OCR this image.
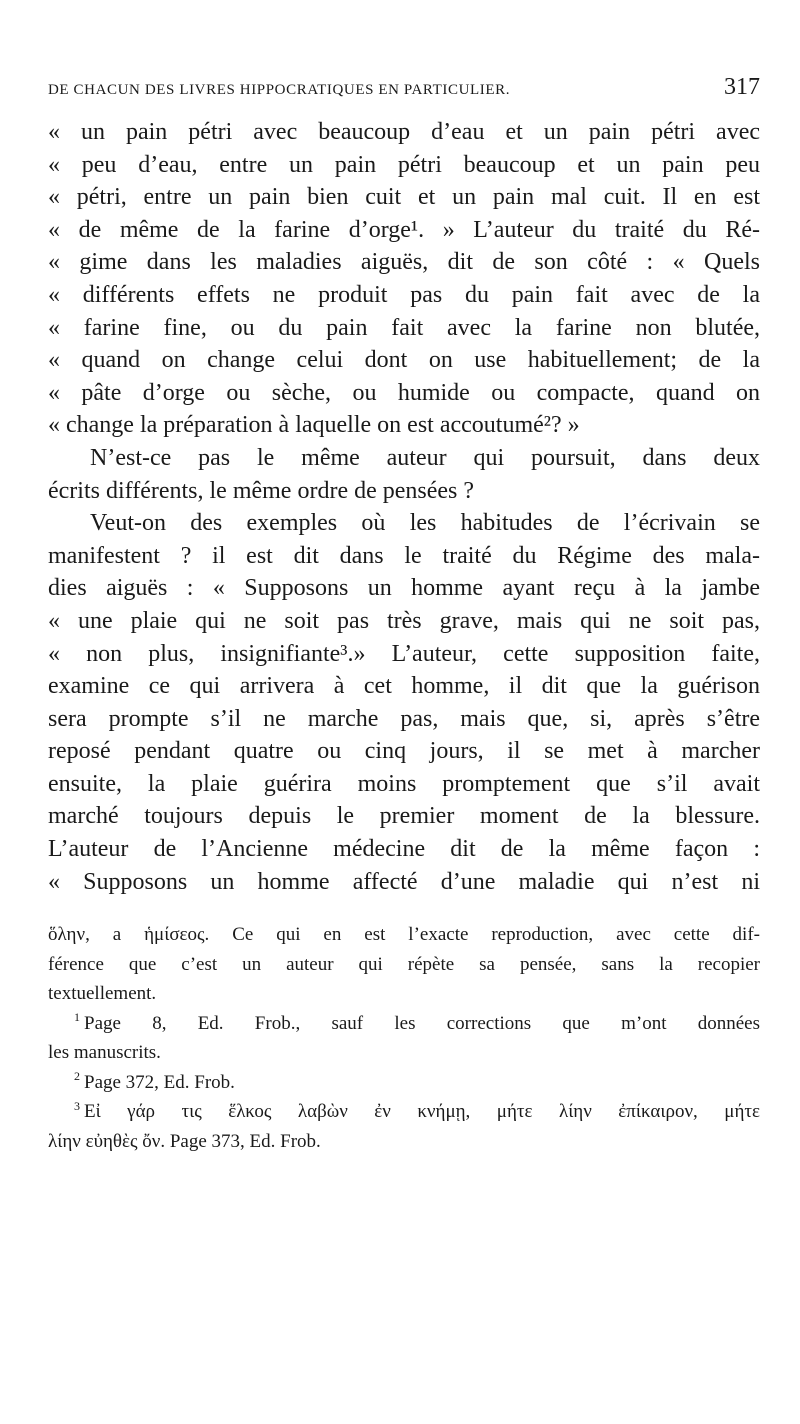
DE CHACUN DES LIVRES HIPPOCRATIQUES EN PARTICULIER.	317
« un pain pétri avec beaucoup d’eau et un pain pétri avec
« peu d’eau, entre un pain pétri beaucoup et un pain peu
« pétri, entre un pain bien cuit et un pain mal cuit. Il en est
« de même de la farine d’orge¹. » L’auteur du traité du Ré-
« gime dans les maladies aiguës, dit de son côté : « Quels
« différents effets ne produit pas du pain fait avec de la
« farine fine, ou du pain fait avec la farine non blutée,
« quand on change celui dont on use habituellement; de la
« pâte d’orge ou sèche, ou humide ou compacte, quand on
« change la préparation à laquelle on est accoutumé²? »
N’est-ce pas le même auteur qui poursuit, dans deux
écrits différents, le même ordre de pensées ?
Veut-on des exemples où les habitudes de l’écrivain se
manifestent ? il est dit dans le traité du Régime des mala-
dies aiguës : « Supposons un homme ayant reçu à la jambe
« une plaie qui ne soit pas très grave, mais qui ne soit pas,
« non plus, insignifiante³.» L’auteur, cette supposition faite,
examine ce qui arrivera à cet homme, il dit que la guérison
sera prompte s’il ne marche pas, mais que, si, après s’être
reposé pendant quatre ou cinq jours, il se met à marcher
ensuite, la plaie guérira moins promptement que s’il avait
marché toujours depuis le premier moment de la blessure.
L’auteur de l’Ancienne médecine dit de la même façon :
« Supposons un homme affecté d’une maladie qui n’est ni
ὅλην, a ἡμίσεος. Ce qui en est l’exacte reproduction, avec cette dif-
férence que c’est un auteur qui répète sa pensée, sans la recopier
textuellement.
$^1$ Page 8, Ed. Frob., sauf les corrections que m’ont données
les manuscrits.
$^2$ Page 372, Ed. Frob.
$^3$ Εἰ γάρ τις ἕλκος λαβὼν ἐν κνήμῃ, μήτε λίην ἐπίκαιρον, μήτε
λίην εὐηθὲς ὄν. Page 373, Ed. Frob.
